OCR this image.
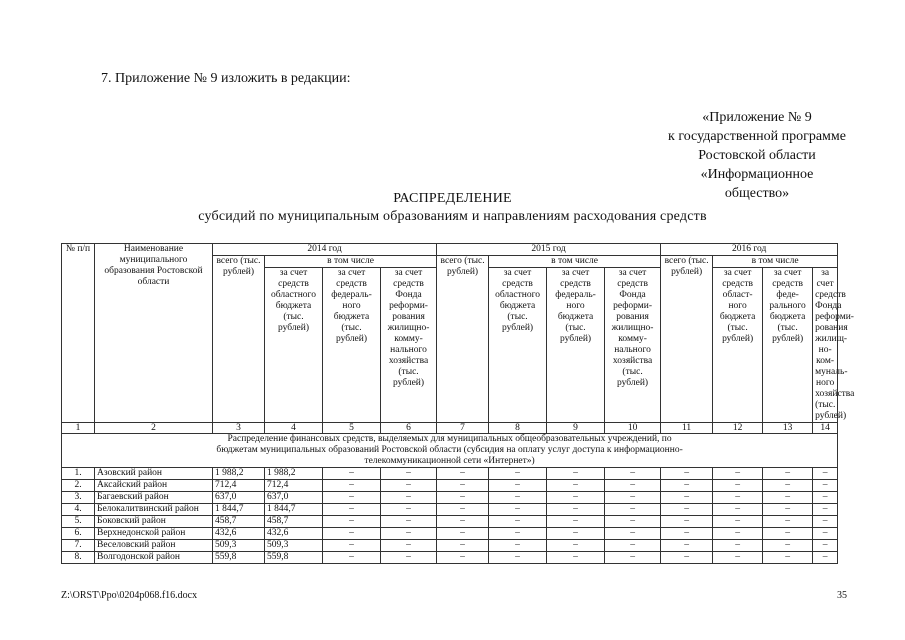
7. Приложение № 9 изложить в редакции:
«Приложение № 9
к государственной программе
Ростовской области
«Информационное общество»
РАСПРЕДЕЛЕНИЕ
субсидий по муниципальным образованиям и направлениям расходования средств
№ п/п	Наименование муниципального образования Ростовской области	2014 год				2015 год				2016 год			
		всего (тыс. рублей)	в том числе			всего (тыс. рублей)	в том числе			всего (тыс. рублей)	в том числе		
			за счет средств областного бюджета (тыс. рублей)	за счет средств федераль-ного бюджета (тыс. рублей)	за счет средств Фонда реформи-рования жилищно-комму-нального хозяйства (тыс. рублей)		за счет средств областного бюджета (тыс. рублей)	за счет средств федераль-ного бюджета (тыс. рублей)	за счет средств Фонда реформи-рования жилищно-комму-нального хозяйства (тыс. рублей)		за счет средств област-ного бюджета (тыс. рублей)	за счет средств феде-рального бюджета (тыс. рублей)	за счет средств Фонда реформи-рования жилищ-но-ком-муналь-ного хозяйства (тыс. рублей)
1	2	3	4	5	6	7	8	9	10	11	12	13	14
Распределение финансовых средств, выделяемых для муниципальных общеобразовательных учреждений, по бюджетам муниципальных образований Ростовской области (субсидия на оплату услуг доступа к информационно-телекоммуникационной сети «Интернет»)													
1.	Азовский район	1 988,2	1 988,2	–	–	–	–	–	–	–	–	–	–
2.	Аксайский район	712,4	712,4	–	–	–	–	–	–	–	–	–	–
3.	Багаевский район	637,0	637,0	–	–	–	–	–	–	–	–	–	–
4.	Белокалитвинский район	1 844,7	1 844,7	–	–	–	–	–	–	–	–	–	–
5.	Боковский район	458,7	458,7	–	–	–	–	–	–	–	–	–	–
6.	Верхнедонской район	432,6	432,6	–	–	–	–	–	–	–	–	–	–
7.	Веселовский район	509,3	509,3	–	–	–	–	–	–	–	–	–	–
8.	Волгодонской район	559,8	559,8	–	–	–	–	–	–	–	–	–	–
Z:\ORST\Ppo\0204p068.f16.docx	35
